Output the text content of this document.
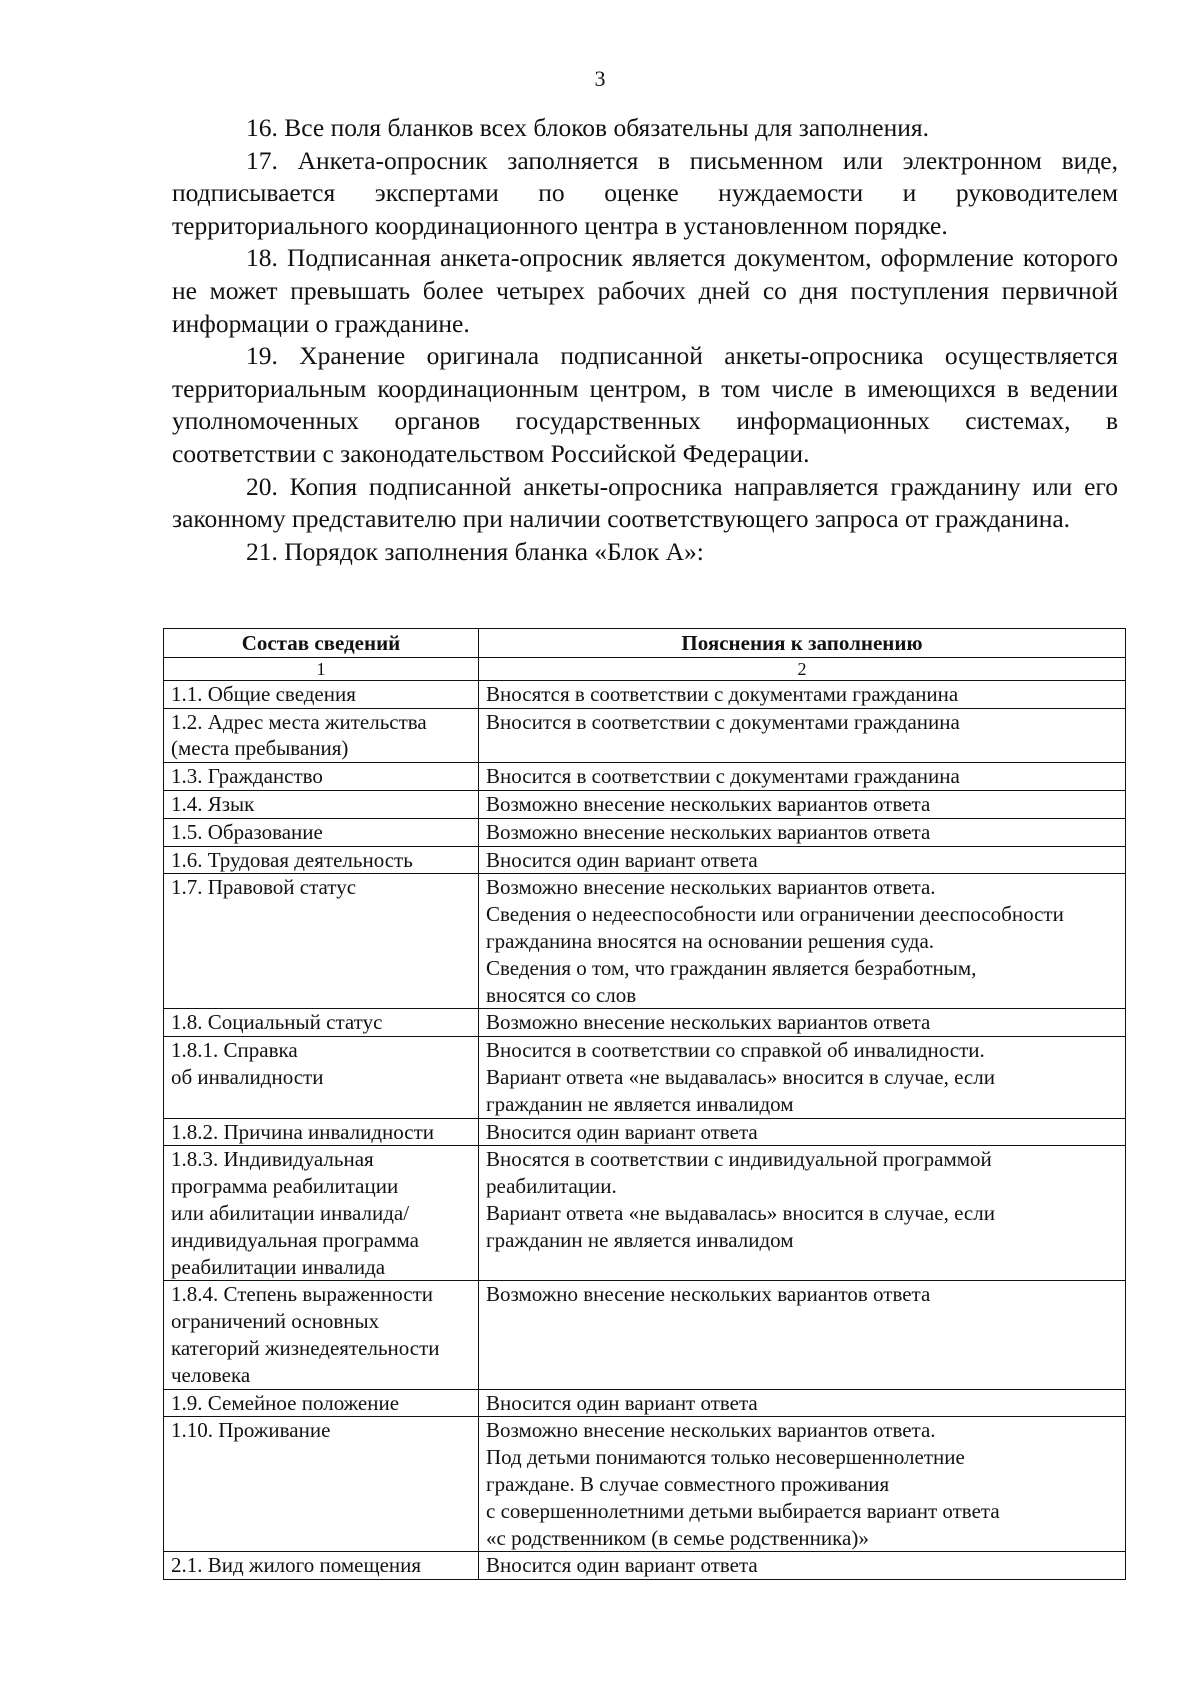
3

16. Все поля бланков всех блоков обязательны для заполнения.

17. Анкета-опросник заполняется в письменном или электронном виде, подписывается экспертами по оценке нуждаемости и руководителем территориального координационного центра в установленном порядке.

18. Подписанная анкета-опросник является документом, оформление которого не может превышать более четырех рабочих дней со дня поступления первичной информации о гражданине.

19. Хранение оригинала подписанной анкеты-опросника осуществляется территориальным координационным центром, в том числе в имеющихся в ведении уполномоченных органов государственных информационных системах, в соответствии с законодательством Российской Федерации.

20. Копия подписанной анкеты-опросника направляется гражданину или его законному представителю при наличии соответствующего запроса от гражданина.

21. Порядок заполнения бланка «Блок А»:

Состав сведений	Пояснения к заполнению
1	2

1.1. Общие сведения	Вносятся в соответствии с документами гражданина

1.2. Адрес места жительства
(места пребывания)	Вносится в соответствии с документами гражданина

1.3. Гражданство	Вносится в соответствии с документами гражданина

1.4. Язык	Возможно внесение нескольких вариантов ответа

1.5. Образование	Возможно внесение нескольких вариантов ответа

1.6. Трудовая деятельность	Вносится один вариант ответа

1.7. Правовой статус	Возможно внесение нескольких вариантов ответа.
Сведения о недееспособности или ограничении дееспособности
гражданина вносятся на основании решения суда.
Сведения о том, что гражданин является безработным,
вносятся со слов

1.8. Социальный статус	Возможно внесение нескольких вариантов ответа

1.8.1. Справка
об инвалидности	Вносится в соответствии со справкой об инвалидности.
Вариант ответа «не выдавалась» вносится в случае, если
гражданин не является инвалидом

1.8.2. Причина инвалидности	Вносится один вариант ответа

1.8.3. Индивидуальная
программа реабилитации
или абилитации инвалида/
индивидуальная программа
реабилитации инвалида	Вносятся в соответствии с индивидуальной программой
реабилитации.
Вариант ответа «не выдавалась» вносится в случае, если
гражданин не является инвалидом

1.8.4. Степень выраженности
ограничений основных
категорий жизнедеятельности
человека	Возможно внесение нескольких вариантов ответа

1.9. Семейное положение	Вносится один вариант ответа

1.10. Проживание	Возможно внесение нескольких вариантов ответа.
Под детьми понимаются только несовершеннолетние
граждане. В случае совместного проживания
с совершеннолетними детьми выбирается вариант ответа
«с родственником (в семье родственника)»

2.1. Вид жилого помещения	Вносится один вариант ответа
